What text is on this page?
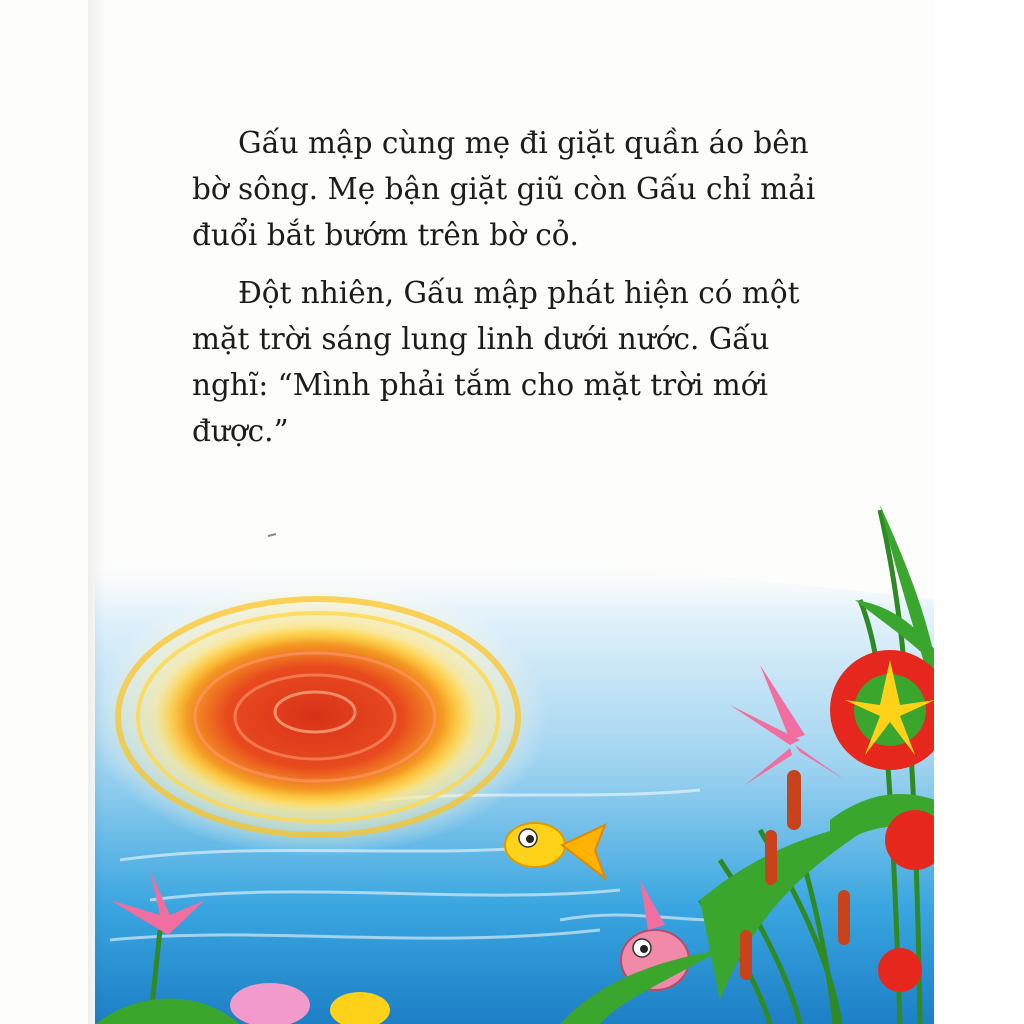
Gấu mập cùng mẹ đi giặt quần áo bên bờ sông. Mẹ bận giặt giũ còn Gấu chỉ mải đuổi bắt bướm trên bờ cỏ.

Đột nhiên, Gấu mập phát hiện có một mặt trời sáng lung linh dưới nước. Gấu nghĩ: “Mình phải tắm cho mặt trời mới được.”
